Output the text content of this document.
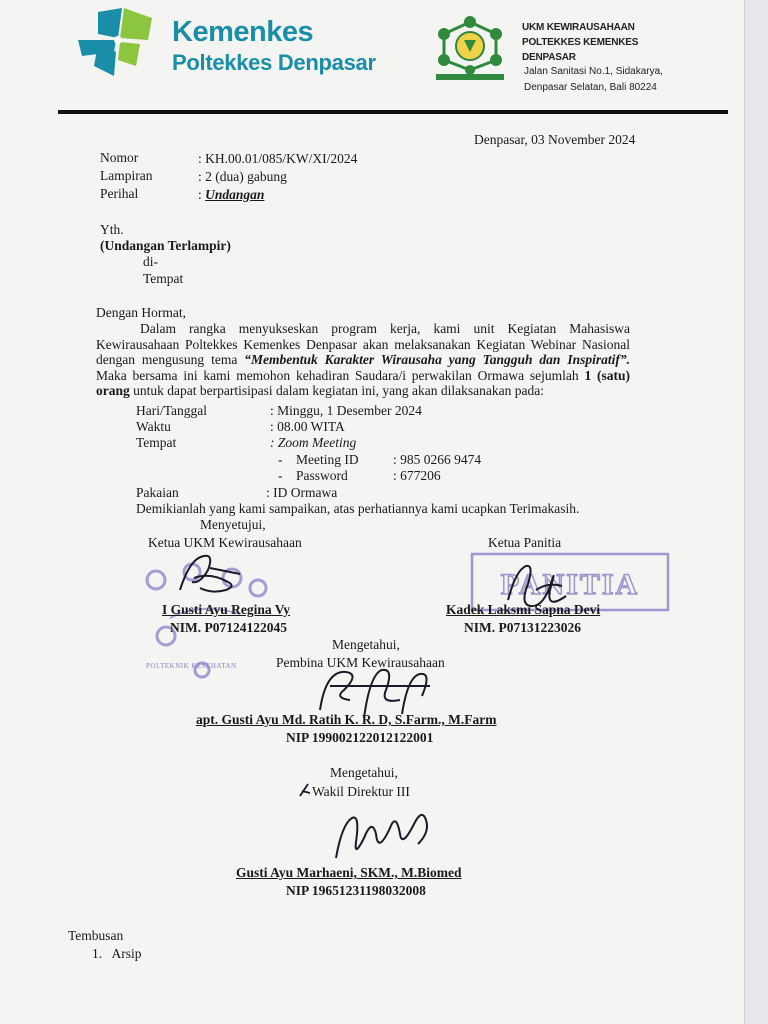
Kemenkes
Poltekkes Denpasar
UKM KEWIRAUSAHAAN
POLTEKKES KEMENKES
DENPASAR
Jalan Sanitasi No.1, Sidakarya,
Denpasar Selatan, Bali 80224
Denpasar, 03 November 2024
Nomor	: KH.00.01/085/KW/XI/2024
Lampiran	: 2 (dua) gabung
Perihal	: Undangan
Yth.
(Undangan Terlampir)
di-
Tempat
Dengan Hormat,
Dalam rangka menyukseskan program kerja, kami unit Kegiatan Mahasiswa Kewirausahaan Poltekkes Kemenkes Denpasar akan melaksanakan Kegiatan Webinar Nasional dengan mengusung tema “Membentuk Karakter Wirausaha yang Tangguh dan Inspiratif”. Maka bersama ini kami memohon kehadiran Saudara/i perwakilan Ormawa sejumlah 1 (satu) orang untuk dapat berpartisipasi dalam kegiatan ini, yang akan dilaksanakan pada:
Hari/Tanggal	: Minggu, 1 Desember 2024
Waktu	: 08.00 WITA
Tempat	: Zoom Meeting
-    Meeting ID	: 985 0266 9474
-    Password	: 677206
Pakaian	: ID Ormawa
Demikianlah yang kami sampaikan, atas perhatiannya kami ucapkan Terimakasih.
Menyetujui,
Ketua UKM Kewirausahaan	Ketua Panitia
POLTEKNIK KESEHATAN
PANITIA
I Gusti Ayu Regina Vy
NIM. P07124122045
Kadek Laksmi Sapna Devi
NIM. P07131223026
Mengetahui,
Pembina UKM Kewirausahaan
apt. Gusti Ayu Md. Ratih K. R. D, S.Farm., M.Farm
NIP 199002122012122001
Mengetahui,
Wakil Direktur III
Gusti Ayu Marhaeni, SKM., M.Biomed
NIP 19651231198032008
Tembusan
1.   Arsip
